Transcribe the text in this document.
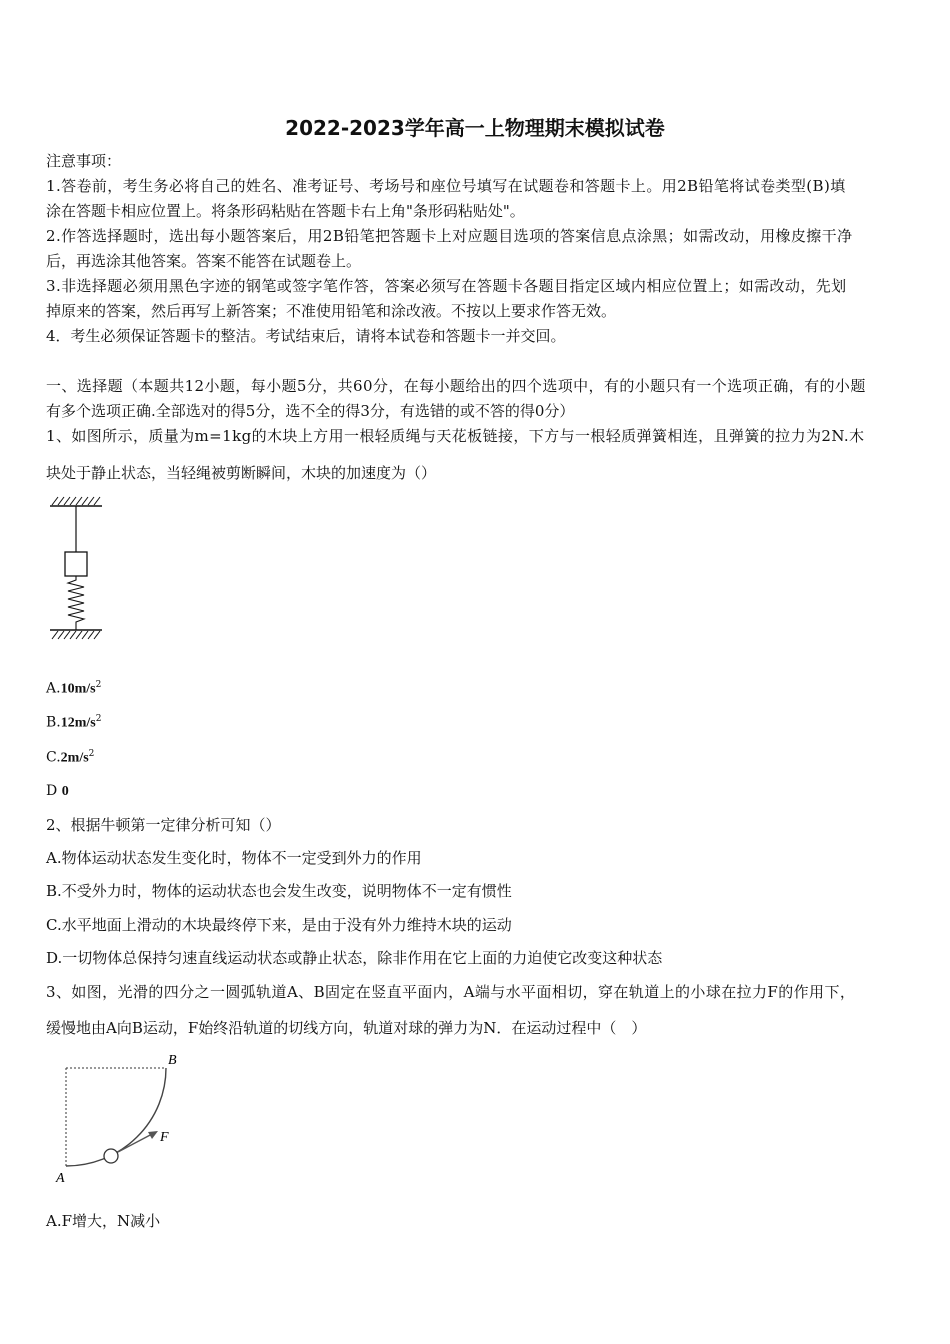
2022-2023学年高一上物理期末模拟试卷
注意事项：
1.答卷前，考生务必将自己的姓名、准考证号、考场号和座位号填写在试题卷和答题卡上。用2B铅笔将试卷类型(B)填
涂在答题卡相应位置上。将条形码粘贴在答题卡右上角"条形码粘贴处"。
2.作答选择题时，选出每小题答案后，用2B铅笔把答题卡上对应题目选项的答案信息点涂黑；如需改动，用橡皮擦干净
后，再选涂其他答案。答案不能答在试题卷上。
3.非选择题必须用黑色字迹的钢笔或签字笔作答，答案必须写在答题卡各题目指定区域内相应位置上；如需改动，先划
掉原来的答案，然后再写上新答案；不准使用铅笔和涂改液。不按以上要求作答无效。
4．考生必须保证答题卡的整洁。考试结束后，请将本试卷和答题卡一并交回。
一、选择题（本题共12小题，每小题5分，共60分，在每小题给出的四个选项中，有的小题只有一个选项正确，有的小题
有多个选项正确.全部选对的得5分，选不全的得3分，有选错的或不答的得0分）
1、如图所示，质量为m=1kg的木块上方用一根轻质绳与天花板链接，下方与一根轻质弹簧相连，且弹簧的拉力为2N.木
块处于静止状态，当轻绳被剪断瞬间，木块的加速度为（）
$A.10m/s^2$
$B.12m/s^2$
$C.2m/s^2$
D 0
2、根据牛顿第一定律分析可知（）
A.物体运动状态发生变化时，物体不一定受到外力的作用
B.不受外力时，物体的运动状态也会发生改变，说明物体不一定有惯性
C.水平地面上滑动的木块最终停下来，是由于没有外力维持木块的运动
D.一切物体总保持匀速直线运动状态或静止状态，除非作用在它上面的力迫使它改变这种状态
3、如图，光滑的四分之一圆弧轨道A、B固定在竖直平面内，A端与水平面相切，穿在轨道上的小球在拉力F的作用下，
缓慢地由A向B运动，F始终沿轨道的切线方向，轨道对球的弹力为N．在运动过程中（　）
A
B
F
A.F增大，N减小
